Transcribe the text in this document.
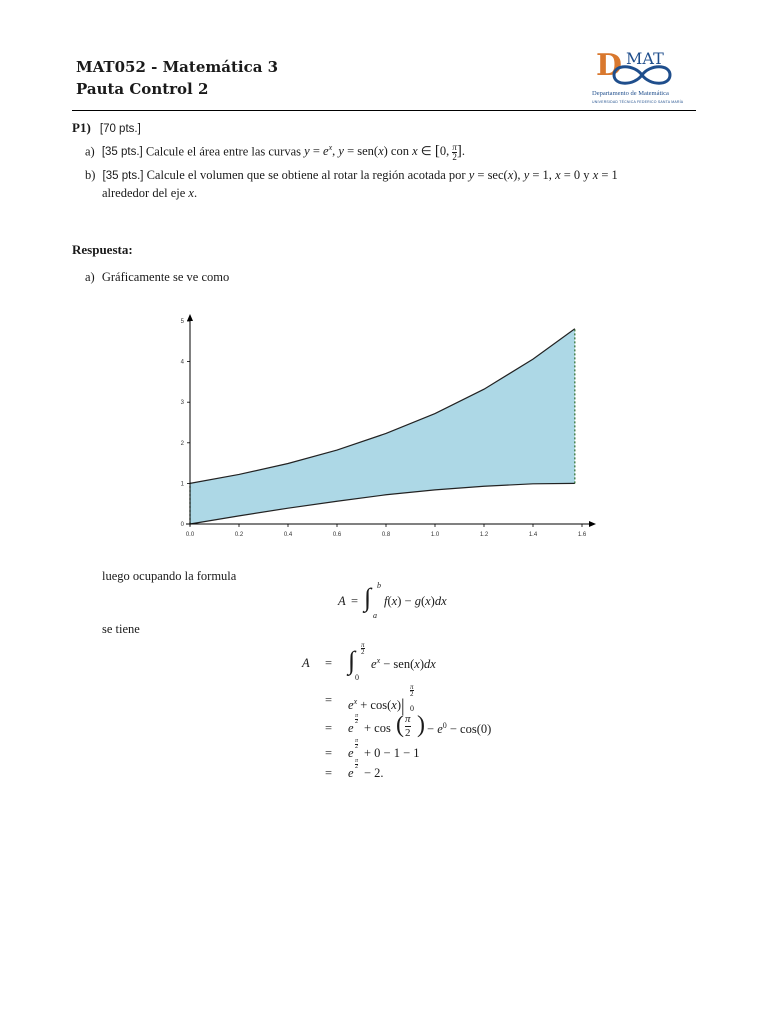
MAT052 - Matemática 3
Pauta Control 2
D MAT
Departamento de Matemática
UNIVERSIDAD TÉCNICA FEDERICO SANTA MARÍA
P1) [70 pts.]
a) [35 pts.] Calcule el área entre las curvas $y = e^x$, y = sen(x) con x ∈ [0, $\frac{\pi}{2}$ ].
b) [35 pts.] Calcule el volumen que se obtiene al rotar la región acotada por y = sec(x), y = 1, x = 0 y x = 1
alrededor del eje x.
Respuesta:
a) Gráficamente se ve como
0.0	0.2	0.4	0.6	0.8	1.0	1.2	1.4	1.6
0
1
2
3
4
5
luego ocupando la formula
A = ∫ b
a
f(x) − g(x)dx
se tiene
A = ∫
π
2
0
$e^x - sen(x)dx$
= $e^x + \cos(x)|$
π
2
0
= e
π
2 + cos ( π
2 ) − $e^0 - \cos(0)$
= e
π
2 + 0 − 1 − 1
= e
π
2 − 2.
